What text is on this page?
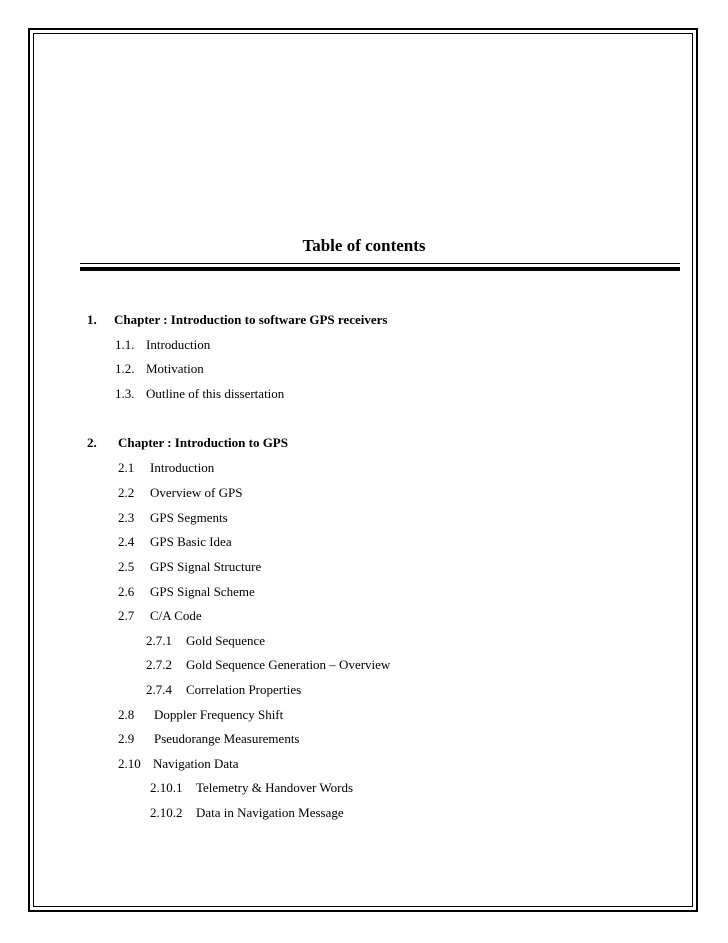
Table of contents
1. Chapter : Introduction to software GPS receivers
1.1. Introduction
1.2. Motivation
1.3. Outline of this dissertation
2. Chapter : Introduction to GPS
2.1 Introduction
2.2 Overview of GPS
2.3 GPS Segments
2.4 GPS Basic Idea
2.5 GPS Signal Structure
2.6 GPS Signal Scheme
2.7 C/A Code
2.7.1 Gold Sequence
2.7.2 Gold Sequence Generation – Overview
2.7.4 Correlation Properties
2.8 Doppler Frequency Shift
2.9 Pseudorange Measurements
2.10 Navigation Data
2.10.1 Telemetry & Handover Words
2.10.2 Data in Navigation Message
